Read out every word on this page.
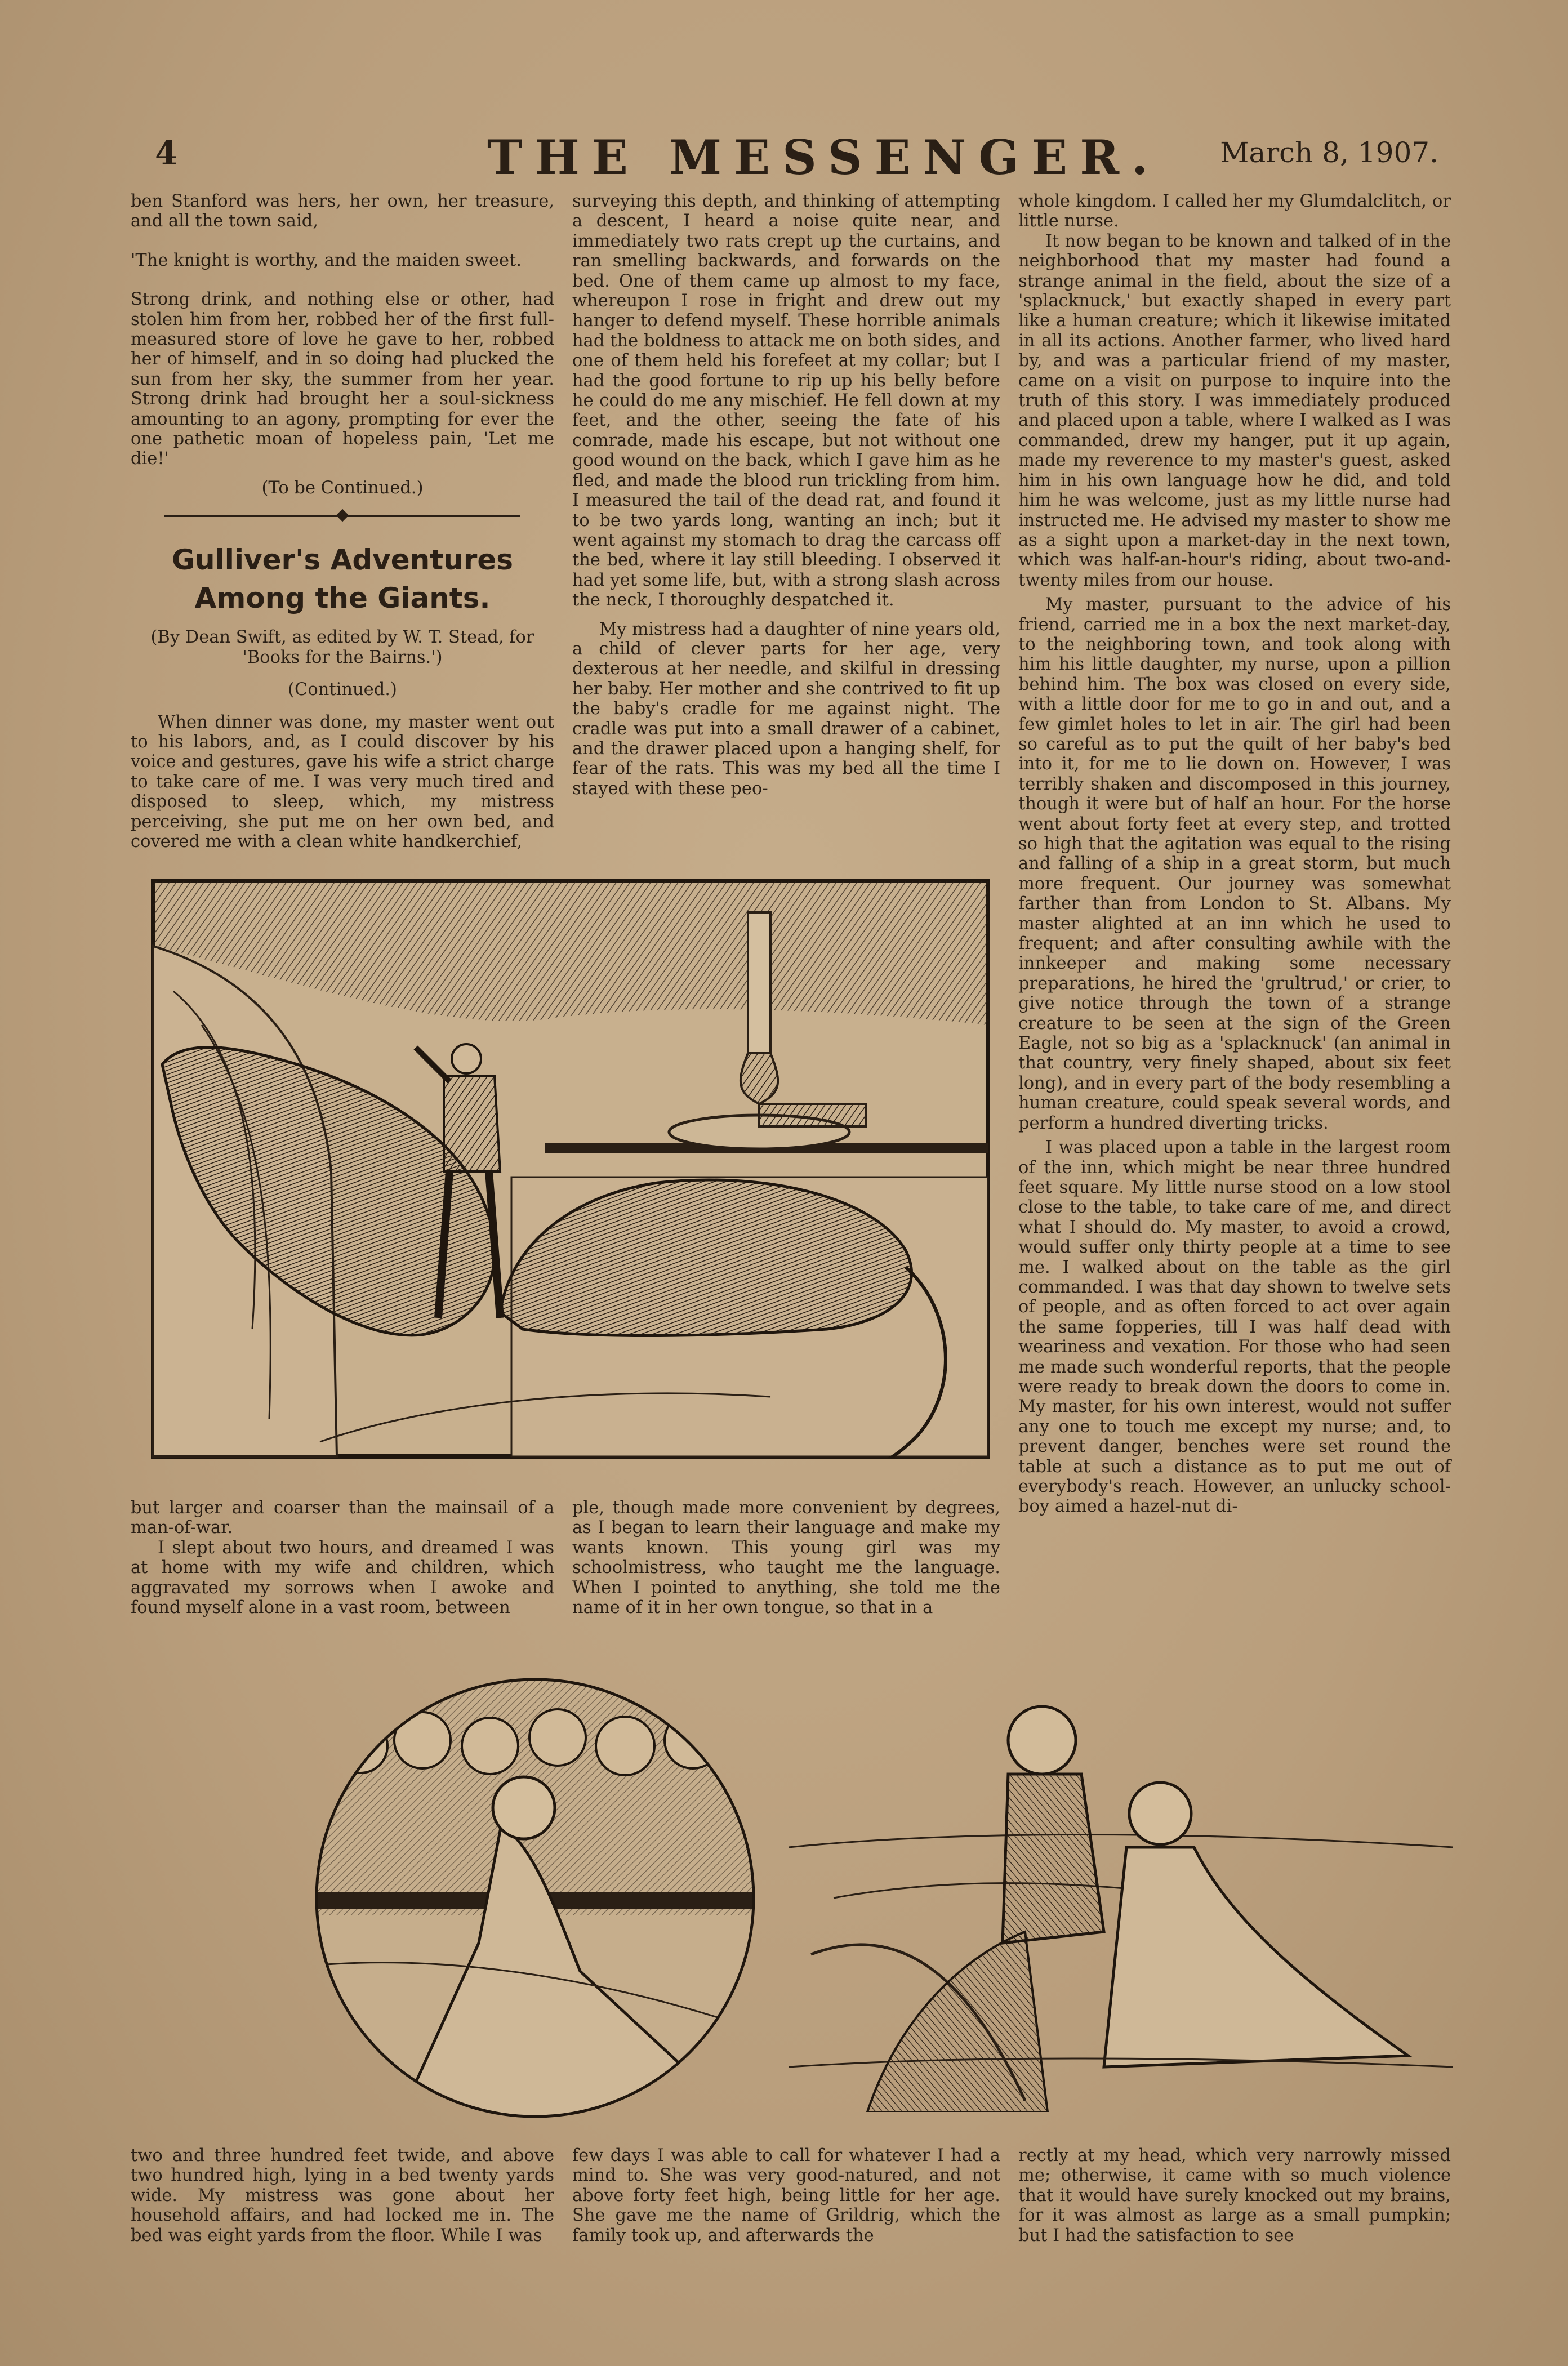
4	THE MESSENGER. March 8, 1907.

ben Stanford was hers, her own, her treasure, and all the town said,

'The knight is worthy, and the maiden sweet.

Strong drink, and nothing else or other, had stolen him from her, robbed her of the first full-measured store of love he gave to her, robbed her of himself, and in so doing had plucked the sun from her sky, the summer from her year. Strong drink had brought her a soul-sickness amounting to an agony, prompting for ever the one pathetic moan of hopeless pain, 'Let me die!'

(To be Continued.)

Gulliver's Adventures Among the Giants.

(By Dean Swift, as edited by W. T. Stead, for 'Books for the Bairns.')

(Continued.)

When dinner was done, my master went out to his labors, and, as I could discover by his voice and gestures, gave his wife a strict charge to take care of me. I was very much tired and disposed to sleep, which, my mistress perceiving, she put me on her own bed, and covered me with a clean white handkerchief,

surveying this depth, and thinking of attempting a descent, I heard a noise quite near, and immediately two rats crept up the curtains, and ran smelling backwards, and forwards on the bed. One of them came up almost to my face, whereupon I rose in fright and drew out my hanger to defend myself. These horrible animals had the boldness to attack me on both sides, and one of them held his forefeet at my collar; but I had the good fortune to rip up his belly before he could do me any mischief. He fell down at my feet, and the other, seeing the fate of his comrade, made his escape, but not without one good wound on the back, which I gave him as he fled, and made the blood run trickling from him. I measured the tail of the dead rat, and found it to be two yards long, wanting an inch; but it went against my stomach to drag the carcass off the bed, where it lay still bleeding. I observed it had yet some life, but, with a strong slash across the neck, I thoroughly despatched it.

My mistress had a daughter of nine years old, a child of clever parts for her age, very dexterous at her needle, and skilful in dressing her baby. Her mother and she contrived to fit up the baby's cradle for me against night. The cradle was put into a small drawer of a cabinet, and the drawer placed upon a hanging shelf, for fear of the rats. This was my bed all the time I stayed with these peo-

whole kingdom. I called her my Glumdalclitch, or little nurse.

It now began to be known and talked of in the neighborhood that my master had found a strange animal in the field, about the size of a 'splacknuck,' but exactly shaped in every part like a human creature; which it likewise imitated in all its actions. Another farmer, who lived hard by, and was a particular friend of my master, came on a visit on purpose to inquire into the truth of this story. I was immediately produced and placed upon a table, where I walked as I was commanded, drew my hanger, put it up again, made my reverence to my master's guest, asked him in his own language how he did, and told him he was welcome, just as my little nurse had instructed me. He advised my master to show me as a sight upon a market-day in the next town, which was half-an-hour's riding, about two-and-twenty miles from our house.

My master, pursuant to the advice of his friend, carried me in a box the next market-day, to the neighboring town, and took along with him his little daughter, my nurse, upon a pillion behind him. The box was closed on every side, with a little door for me to go in and out, and a few gimlet holes to let in air. The girl had been so careful as to put the quilt of her baby's bed into it, for me to lie down on. However, I was terribly shaken and discomposed in this journey, though it were but of half an hour. For the horse went about forty feet at every step, and trotted so high that the agitation was equal to the rising and falling of a ship in a great storm, but much more frequent. Our journey was somewhat farther than from London to St. Albans. My master alighted at an inn which he used to frequent; and after consulting awhile with the innkeeper and making some necessary preparations, he hired the 'grultrud,' or crier, to give notice through the town of a strange creature to be seen at the sign of the Green Eagle, not so big as a 'splacknuck' (an animal in that country, very finely shaped, about six feet long), and in every part of the body resembling a human creature, could speak several words, and perform a hundred diverting tricks.

I was placed upon a table in the largest room of the inn, which might be near three hundred feet square. My little nurse stood on a low stool close to the table, to take care of me, and direct what I should do. My master, to avoid a crowd, would suffer only thirty people at a time to see me. I walked about on the table as the girl commanded. I was that day shown to twelve sets of people, and as often forced to act over again the same fopperies, till I was half dead with weariness and vexation. For those who had seen me made such wonderful reports, that the people were ready to break down the doors to come in. My master, for his own interest, would not suffer any one to touch me except my nurse; and, to prevent danger, benches were set round the table at such a distance as to put me out of everybody's reach. However, an unlucky school-boy aimed a hazel-nut di-

but larger and coarser than the mainsail of a man-of-war.

I slept about two hours, and dreamed I was at home with my wife and children, which aggravated my sorrows when I awoke and found myself alone in a vast room, between

ple, though made more convenient by degrees, as I began to learn their language and make my wants known. This young girl was my schoolmistress, who taught me the language. When I pointed to anything, she told me the name of it in her own tongue, so that in a

two and three hundred feet twide, and above two hundred high, lying in a bed twenty yards wide. My mistress was gone about her household affairs, and had locked me in. The bed was eight yards from the floor. While I was

few days I was able to call for whatever I had a mind to. She was very good-natured, and not above forty feet high, being little for her age. She gave me the name of Grildrig, which the family took up, and afterwards the

rectly at my head, which very narrowly missed me; otherwise, it came with so much violence that it would have surely knocked out my brains, for it was almost as large as a small pumpkin; but I had the satisfaction to see
